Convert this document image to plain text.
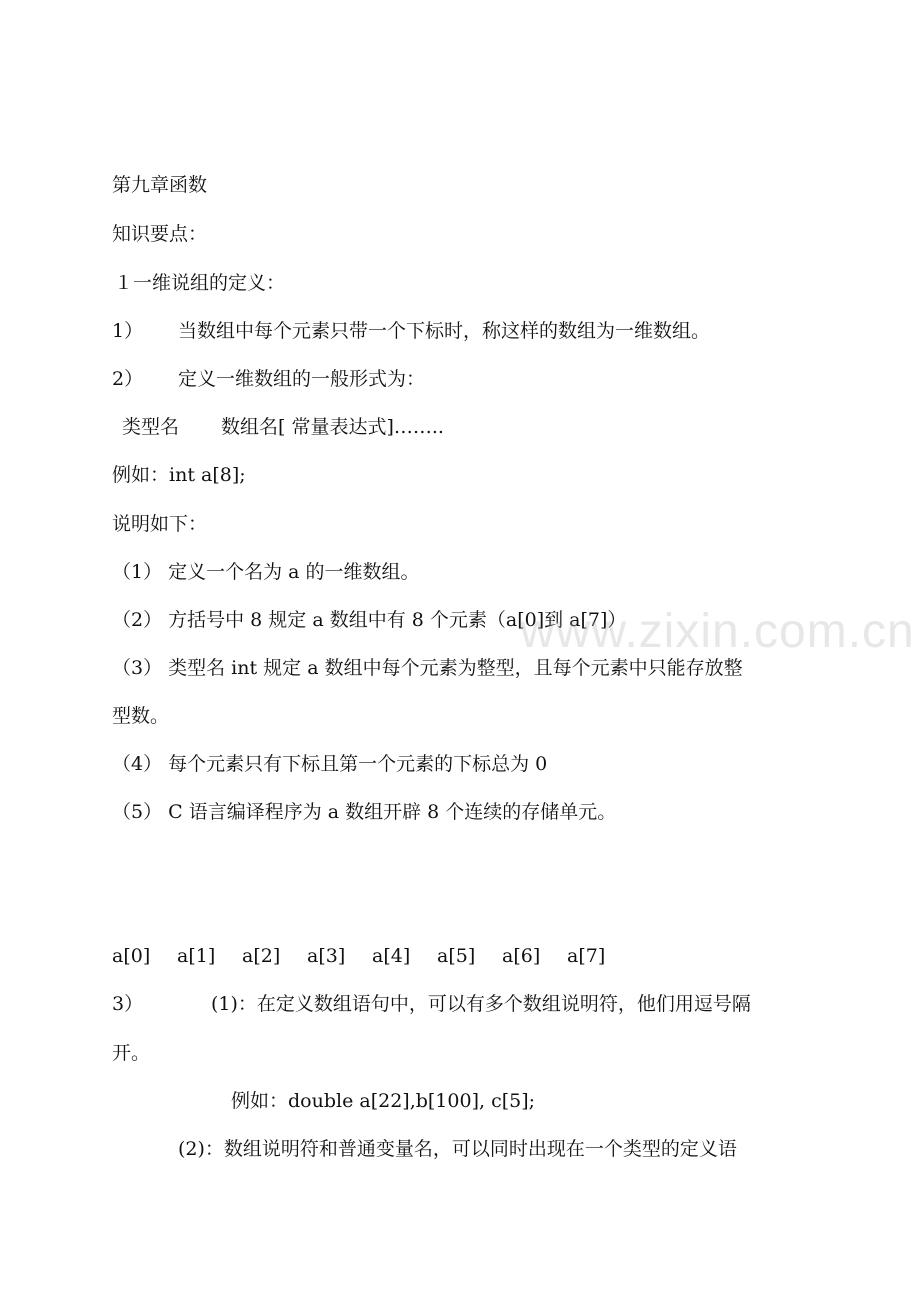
第九章函数
知识要点：
１一维说组的定义：
1） 当数组中每个元素只带一个下标时，称这样的数组为一维数组。
2） 定义一维数组的一般形式为：
类型名 数组名[ 常量表达式]……..
例如：int a[8];
说明如下：
（1） 定义一个名为 a 的一维数组。
（2） 方括号中 8 规定 a 数组中有 8 个元素（a[0]到 a[7]）
（3） 类型名 int 规定 a 数组中每个元素为整型，且每个元素中只能存放整
型数。
（4） 每个元素只有下标且第一个元素的下标总为 0
（5） C 语言编译程序为 a 数组开辟 8 个连续的存储单元。
a[0] a[1] a[2] a[3] a[4] a[5] a[6] a[7]
3）	(1)：在定义数组语句中，可以有多个数组说明符，他们用逗号隔
开。
例如：double a[22],b[100], c[5];
(2)：数组说明符和普通变量名，可以同时出现在一个类型的定义语
www.zixin.com.cn
